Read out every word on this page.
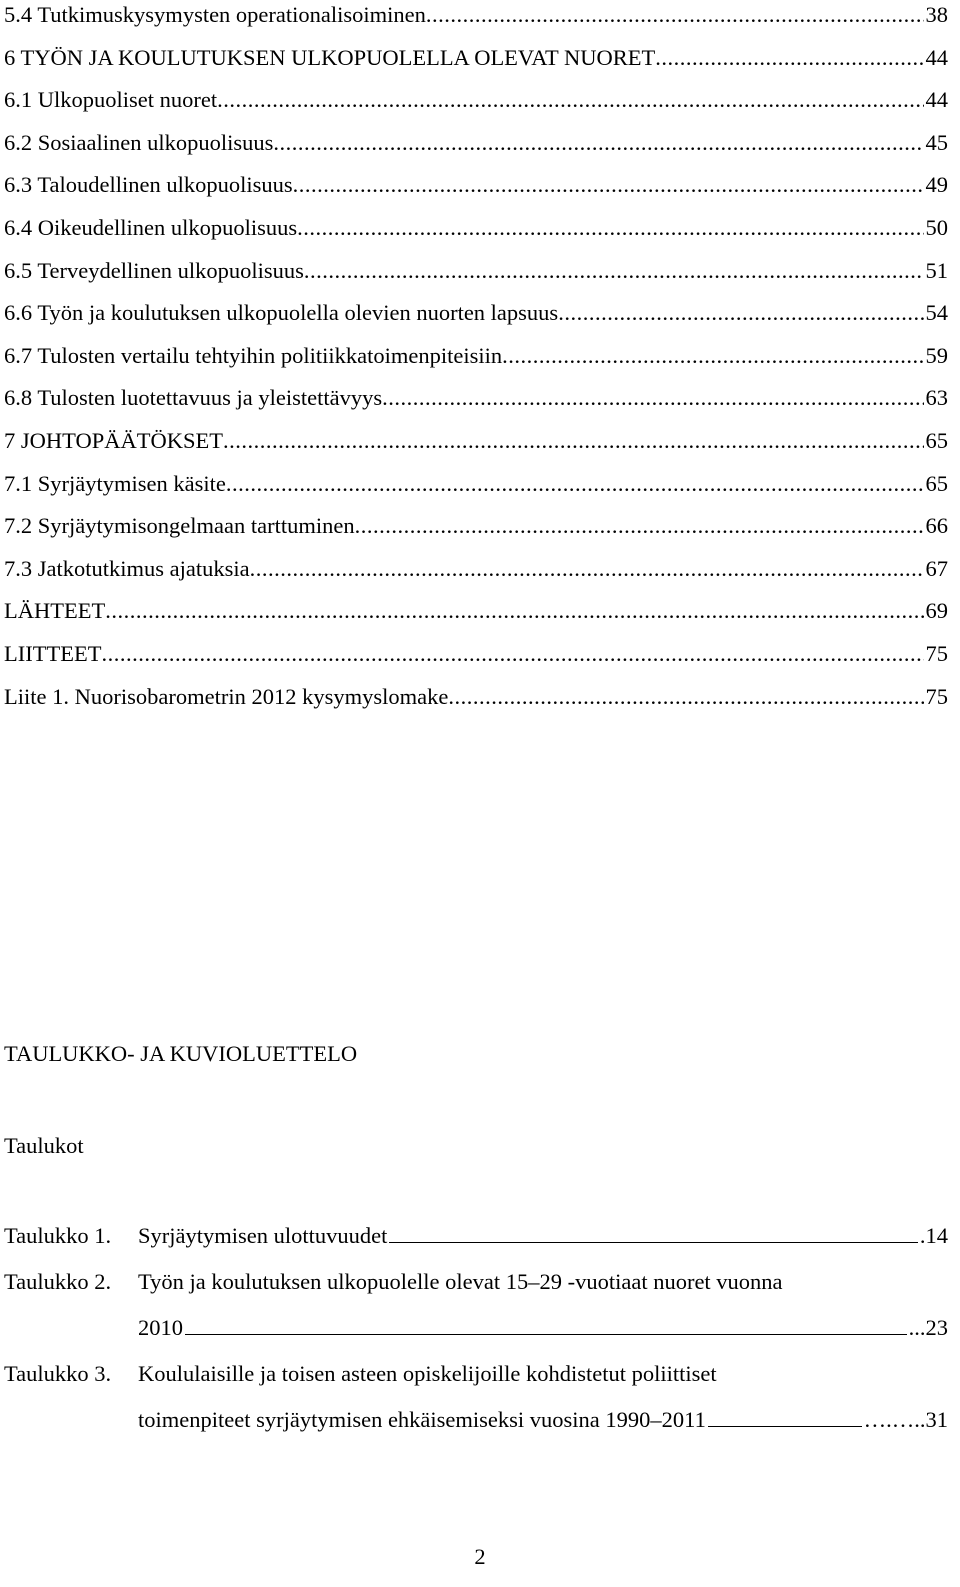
5.4 Tutkimuskysymysten operationalisoiminen .....	38
6 TYÖN JA KOULUTUKSEN ULKOPUOLELLA OLEVAT NUORET .....	44
6.1 Ulkopuoliset nuoret .....	44
6.2 Sosiaalinen ulkopuolisuus .....	45
6.3 Taloudellinen ulkopuolisuus .....	49
6.4 Oikeudellinen ulkopuolisuus .....	50
6.5 Terveydellinen ulkopuolisuus .....	51
6.6 Työn ja koulutuksen ulkopuolella olevien nuorten lapsuus .....	54
6.7 Tulosten vertailu tehtyihin politiikkatoimenpiteisiin .....	59
6.8 Tulosten luotettavuus ja yleistettävyys .....	63
7 JOHTOPÄÄTÖKSET .....	65
7.1 Syrjäytymisen käsite .....	65
7.2 Syrjäytymisongelmaan tarttuminen .....	66
7.3 Jatkotutkimus ajatuksia .....	67
LÄHTEET .....	69
LIITTEET .....	75
Liite 1. Nuorisobarometrin 2012 kysymyslomake .....	75
TAULUKKO- JA KUVIOLUETTELO
Taulukot
Taulukko 1. Syrjäytymisen ulottuvuudet	. 14
Taulukko 2. Työn ja koulutuksen ulkopuolelle olevat 15–29 -vuotiaat nuoret vuonna
2010	... 23
Taulukko 3. Koululaisille ja toisen asteen opiskelijoille kohdistetut poliittiset
toimenpiteet syrjäytymisen ehkäisemiseksi vuosina 1990–2011	….….. 31
2
